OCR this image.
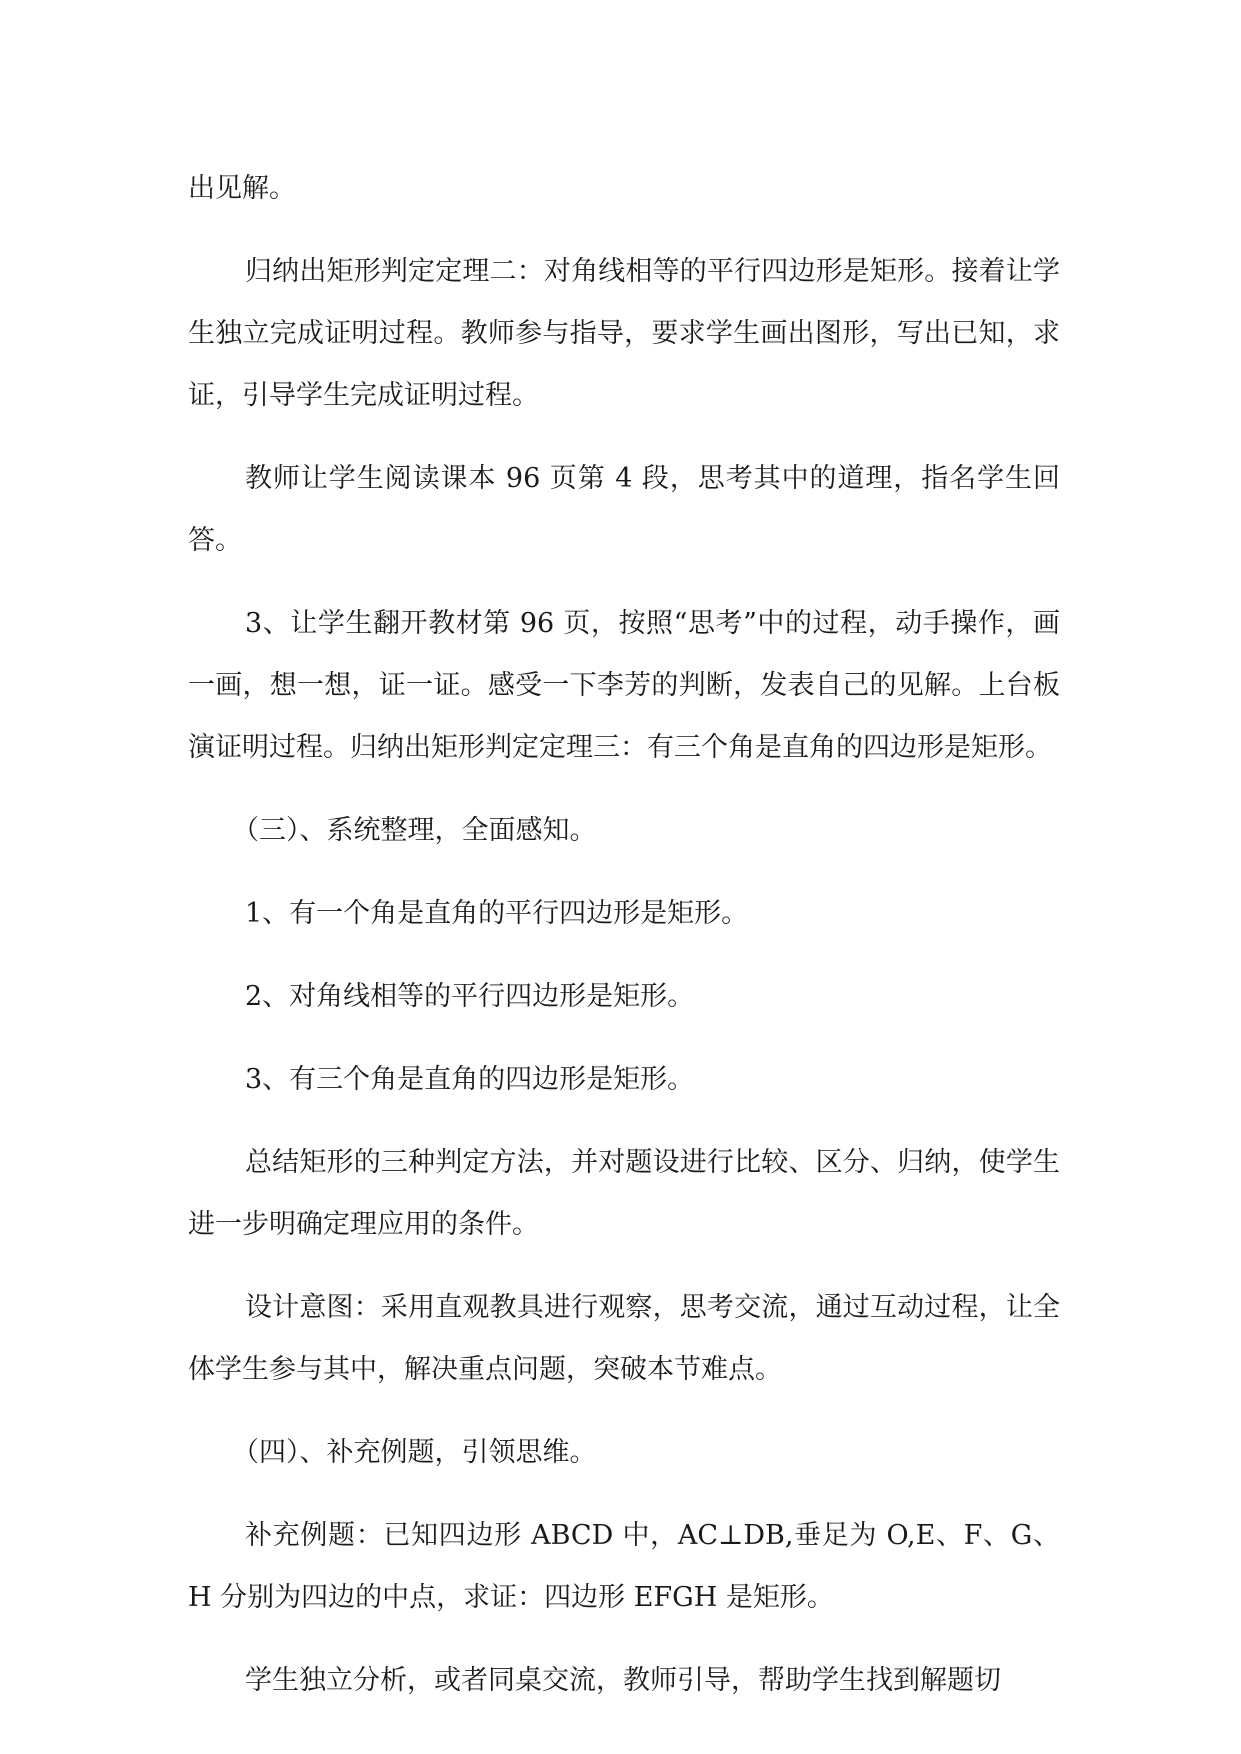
出见解。

归纳出矩形判定定理二：对角线相等的平行四边形是矩形。接着让学生独立完成证明过程。教师参与指导，要求学生画出图形，写出已知，求证，引导学生完成证明过程。

教师让学生阅读课本 96 页第 4 段，思考其中的道理，指名学生回答。

3、让学生翻开教材第 96 页，按照“思考”中的过程，动手操作，画一画，想一想，证一证。感受一下李芳的判断，发表自己的见解。上台板演证明过程。归纳出矩形判定定理三：有三个角是直角的四边形是矩形。

（三）、系统整理，全面感知。

1、有一个角是直角的平行四边形是矩形。

2、对角线相等的平行四边形是矩形。

3、有三个角是直角的四边形是矩形。

总结矩形的三种判定方法，并对题设进行比较、区分、归纳，使学生进一步明确定理应用的条件。

设计意图：采用直观教具进行观察，思考交流，通过互动过程，让全体学生参与其中，解决重点问题，突破本节难点。

（四）、补充例题，引领思维。

补充例题：已知四边形 ABCD 中，AC⊥DB,垂足为 O,E、F、G、H 分别为四边的中点，求证：四边形 EFGH 是矩形。

学生独立分析，或者同桌交流，教师引导，帮助学生找到解题切
